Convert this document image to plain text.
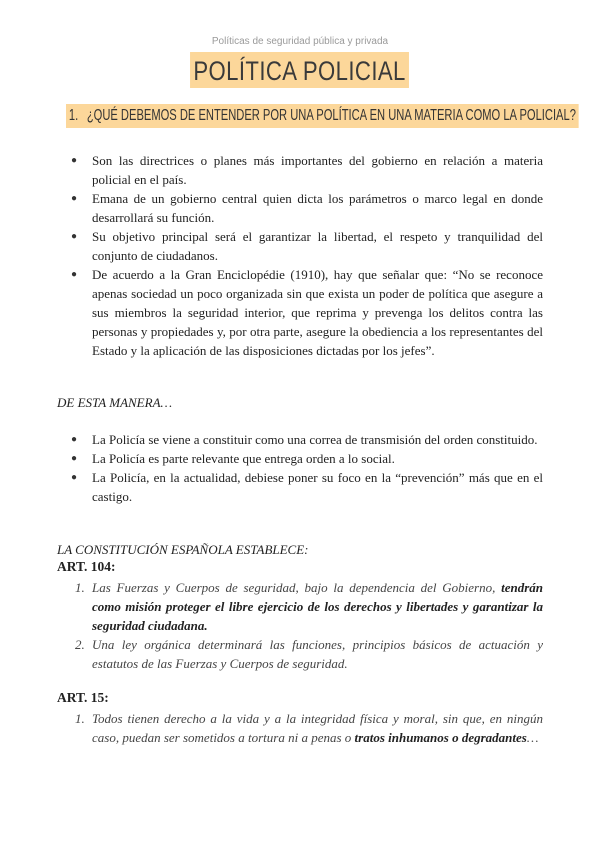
Políticas de seguridad pública y privada
POLÍTICA POLICIAL
1. ¿QUÉ DEBEMOS DE ENTENDER POR UNA POLÍTICA EN UNA MATERIA COMO LA POLICIAL?
● Son las directrices o planes más importantes del gobierno en relación a materia policial en el país.
● Emana de un gobierno central quien dicta los parámetros o marco legal en donde desarrollará su función.
● Su objetivo principal será el garantizar la libertad, el respeto y tranquilidad del conjunto de ciudadanos.
● De acuerdo a la Gran Enciclopédie (1910), hay que señalar que: “No se reconoce apenas sociedad un poco organizada sin que exista un poder de política que asegure a sus miembros la seguridad interior, que reprima y prevenga los delitos contra las personas y propiedades y, por otra parte, asegure la obediencia a los representantes del Estado y la aplicación de las disposiciones dictadas por los jefes”.
DE ESTA MANERA…
● La Policía se viene a constituir como una correa de transmisión del orden constituido.
● La Policía es parte relevante que entrega orden a lo social.
● La Policía, en la actualidad, debiese poner su foco en la “prevención” más que en el castigo.
LA CONSTITUCIÓN ESPAÑOLA ESTABLECE:
ART. 104:
1. Las Fuerzas y Cuerpos de seguridad, bajo la dependencia del Gobierno, tendrán como misión proteger el libre ejercicio de los derechos y libertades y garantizar la seguridad ciudadana.
2. Una ley orgánica determinará las funciones, principios básicos de actuación y estatutos de las Fuerzas y Cuerpos de seguridad.
ART. 15:
1. Todos tienen derecho a la vida y a la integridad física y moral, sin que, en ningún caso, puedan ser sometidos a tortura ni a penas o tratos inhumanos o degradantes…
